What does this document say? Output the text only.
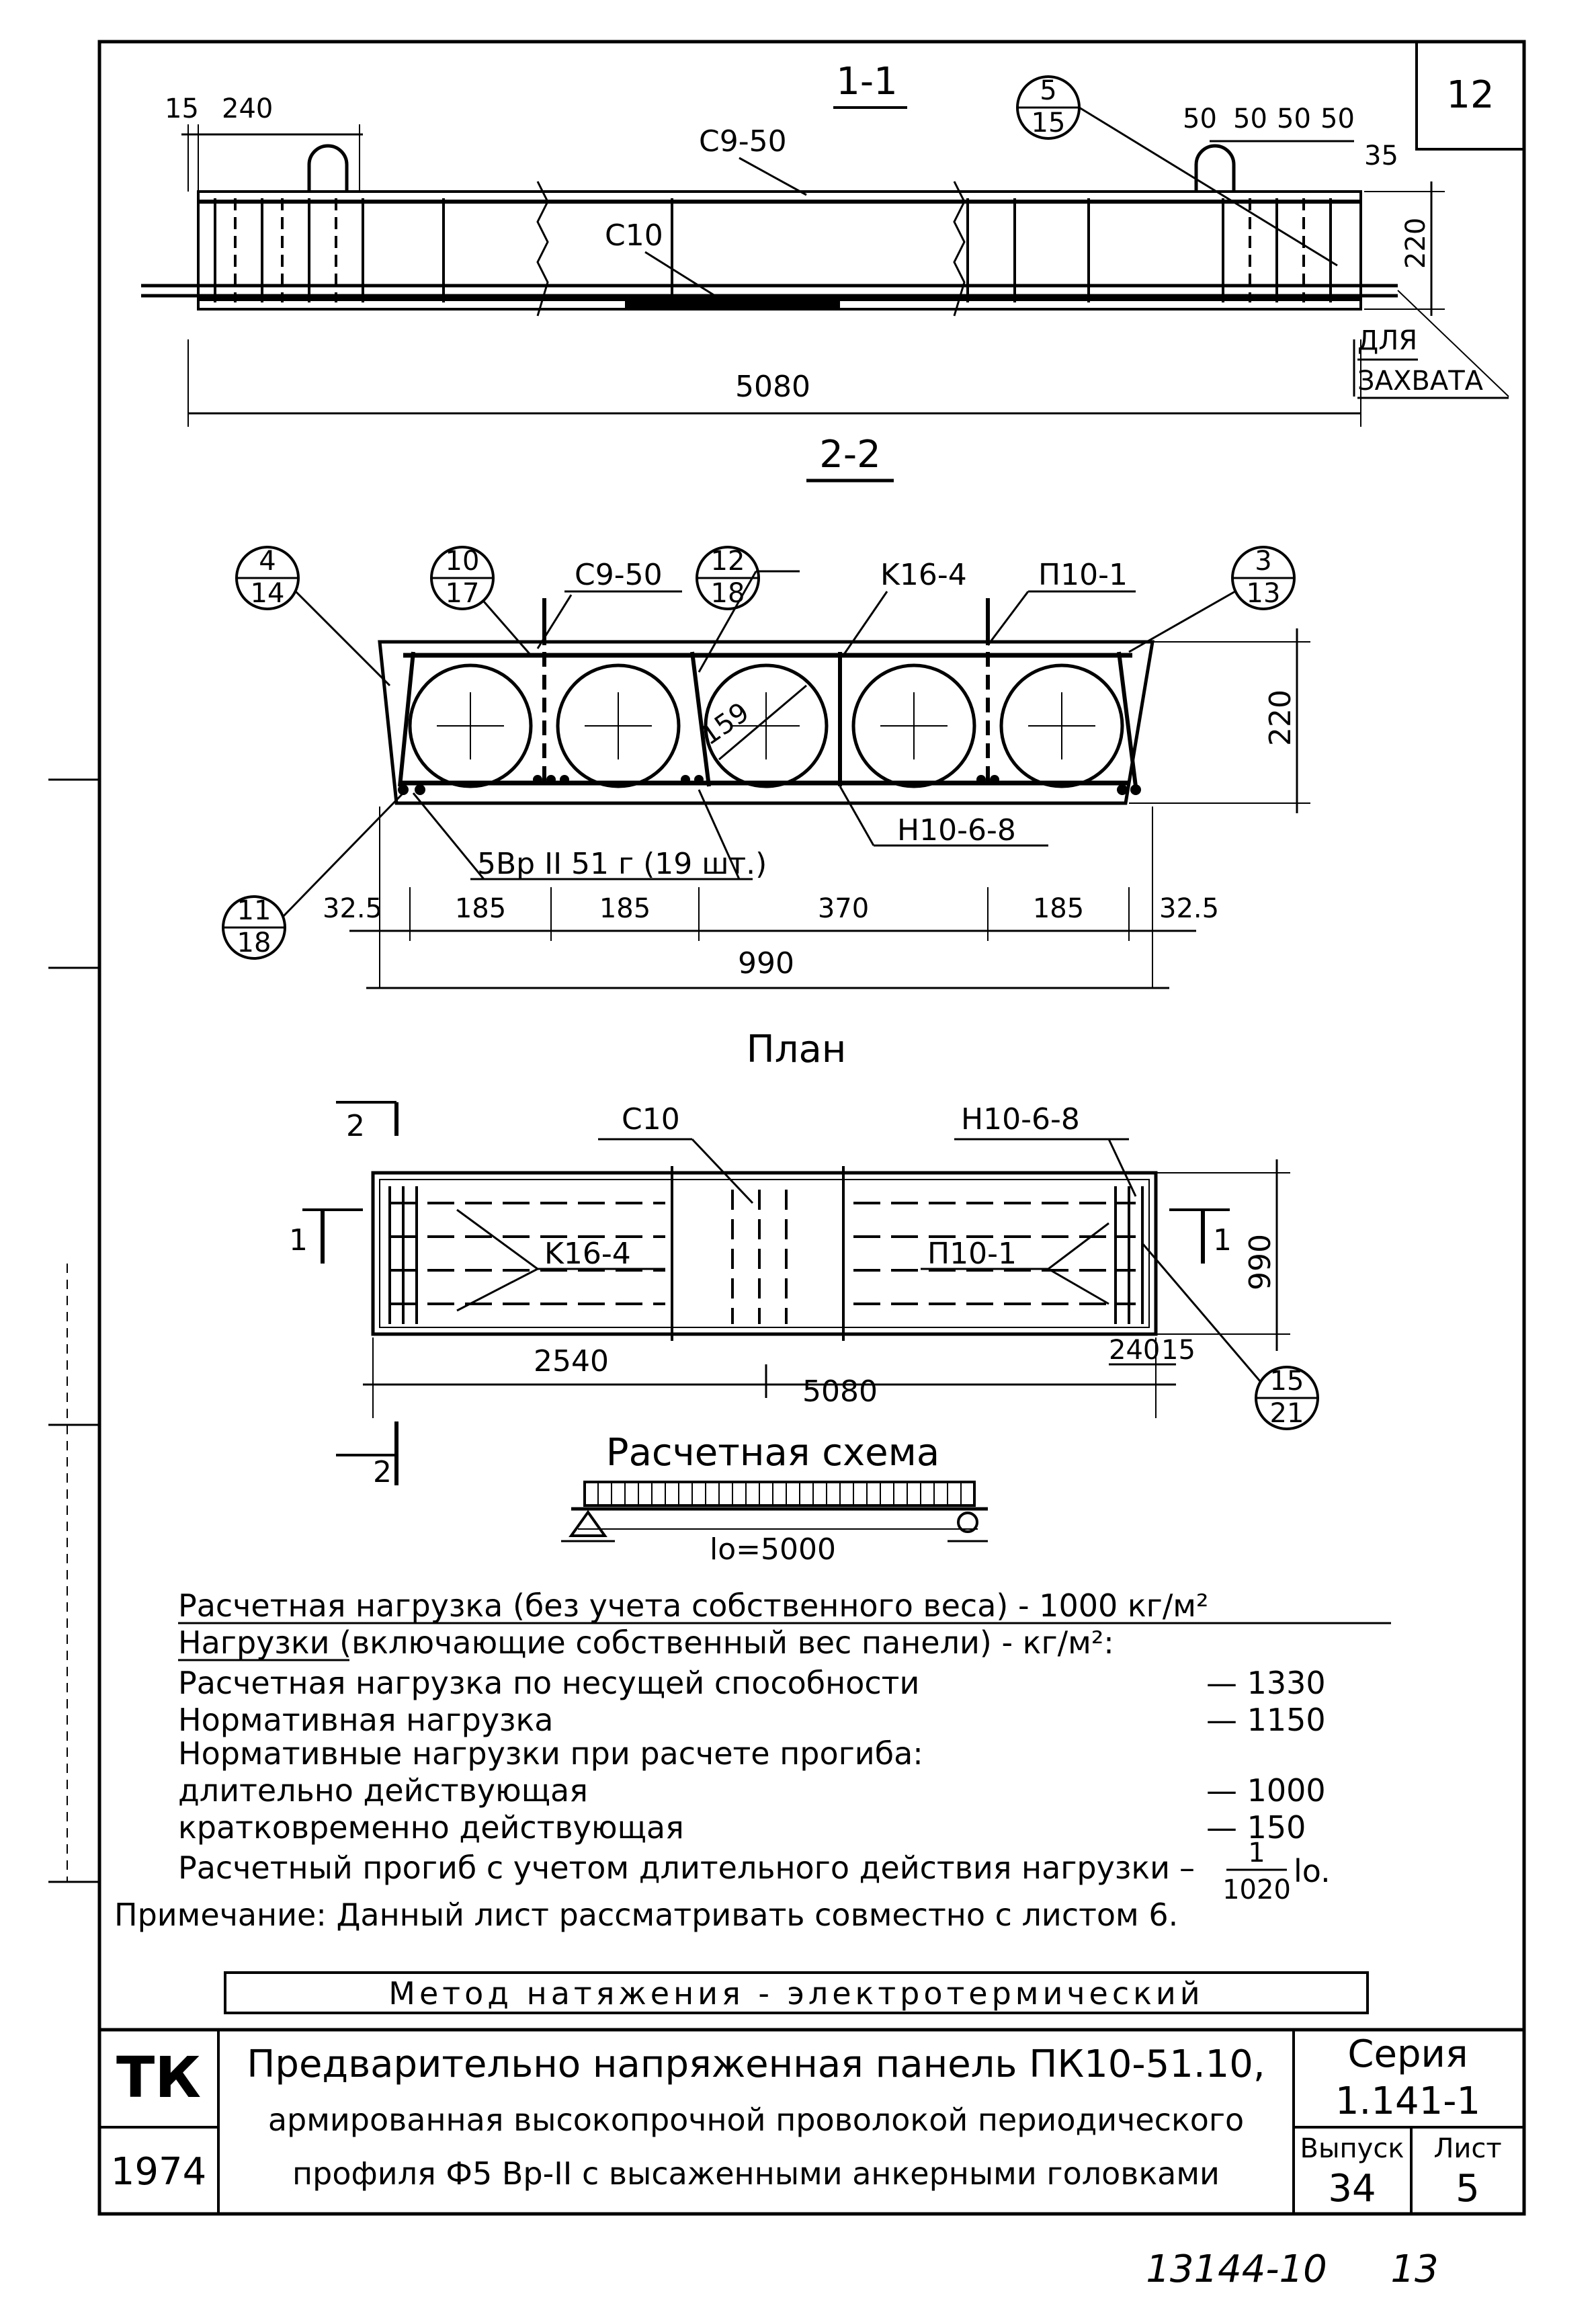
12
1-1
C9-50
C10
5
15
15 240	50 50 50 50
35
220
ДЛЯ
ЗАХВАТА
5080
2-2
159
C9-50	K16-4 П10-1
H10-6-8
5Bp II 51 г (19 шт.)
4
14
10
17
12
18
3
13
11
18
220
32.5	185	185	370	185	32.5
990
План
1	1
2
2
C10	H10-6-8
K16-4	П10-1	990
2540
5080
240 15
15
21
Расчетная схема
lo=5000
Расчетная нагрузка (без учета собственного веса) - 1000 кг/м²
Нагрузки (включающие собственный вес панели) - кг/м²:
Расчетная нагрузка по несущей способности	— 1330
Нормативная нагрузка	— 1150
Нормативные нагрузки при расчете прогиба:
длительно действующая	— 1000
кратковременно действующая	— 150
Расчетный прогиб с учетом длительного действия нагрузки – 1
1020
lo.
Примечание: Данный лист рассматривать совместно с листом 6.
Метод натяжения - электротермический
ТК
1974
Предварительно напряженная панель ПК10-51.10,
армированная высокопрочной проволокой периодического
профиля Ф5 Bp-II с высаженными анкерными головками
Серия
1.141-1
Выпуск
34
Лист
5
13144-10 13
